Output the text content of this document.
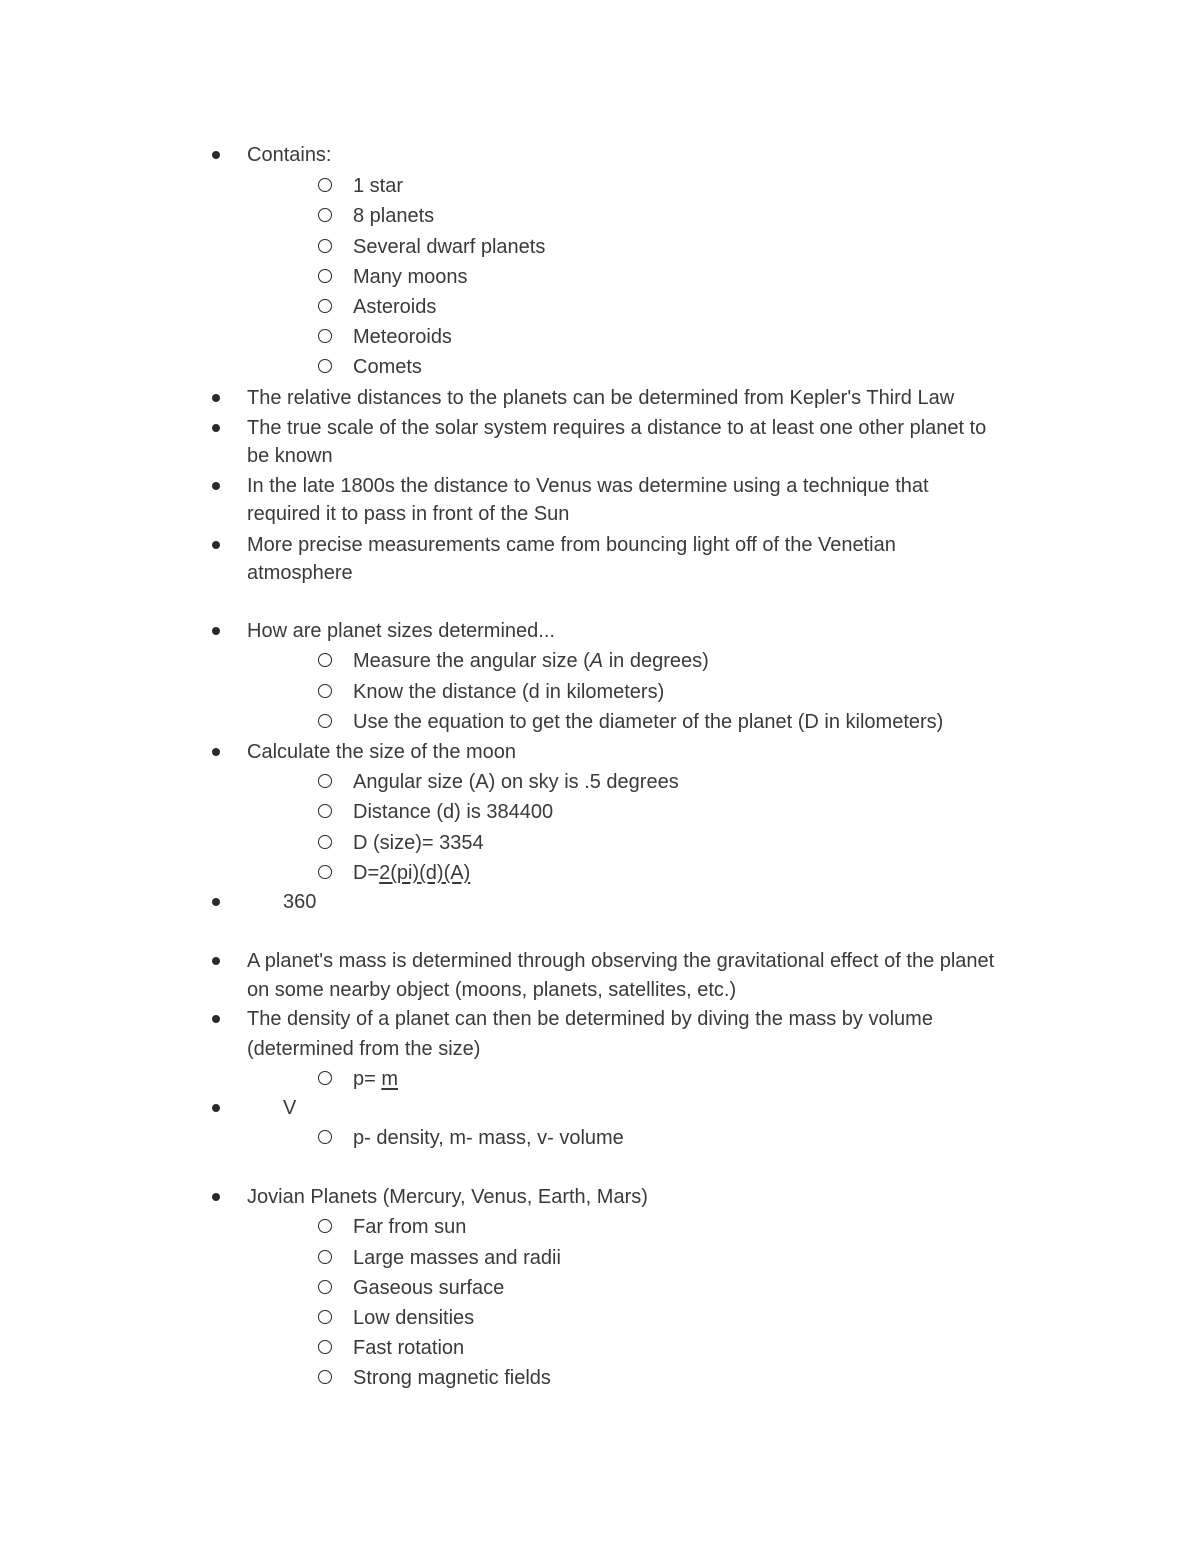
Contains:
1 star
8 planets
Several dwarf planets
Many moons
Asteroids
Meteoroids
Comets
The relative distances to the planets can be determined from Kepler's Third Law
The true scale of the solar system requires a distance to at least one other planet to
be known
In the late 1800s the distance to Venus was determine using a technique that
required it to pass in front of the Sun
More precise measurements came from bouncing light off of the Venetian
atmosphere
How are planet sizes determined...
Measure the angular size (A in degrees)
Know the distance (d in kilometers)
Use the equation to get the diameter of the planet (D in kilometers)
Calculate the size of the moon
Angular size (A) on sky is .5 degrees
Distance (d) is 384400
D (size)= 3354
D=2(pi)(d)(A)
360
A planet's mass is determined through observing the gravitational effect of the planet
on some nearby object (moons, planets, satellites, etc.)
The density of a planet can then be determined by diving the mass by volume
(determined from the size)
p= m
V
p- density, m- mass, v- volume
Jovian Planets (Mercury, Venus, Earth, Mars)
Far from sun
Large masses and radii
Gaseous surface
Low densities
Fast rotation
Strong magnetic fields
